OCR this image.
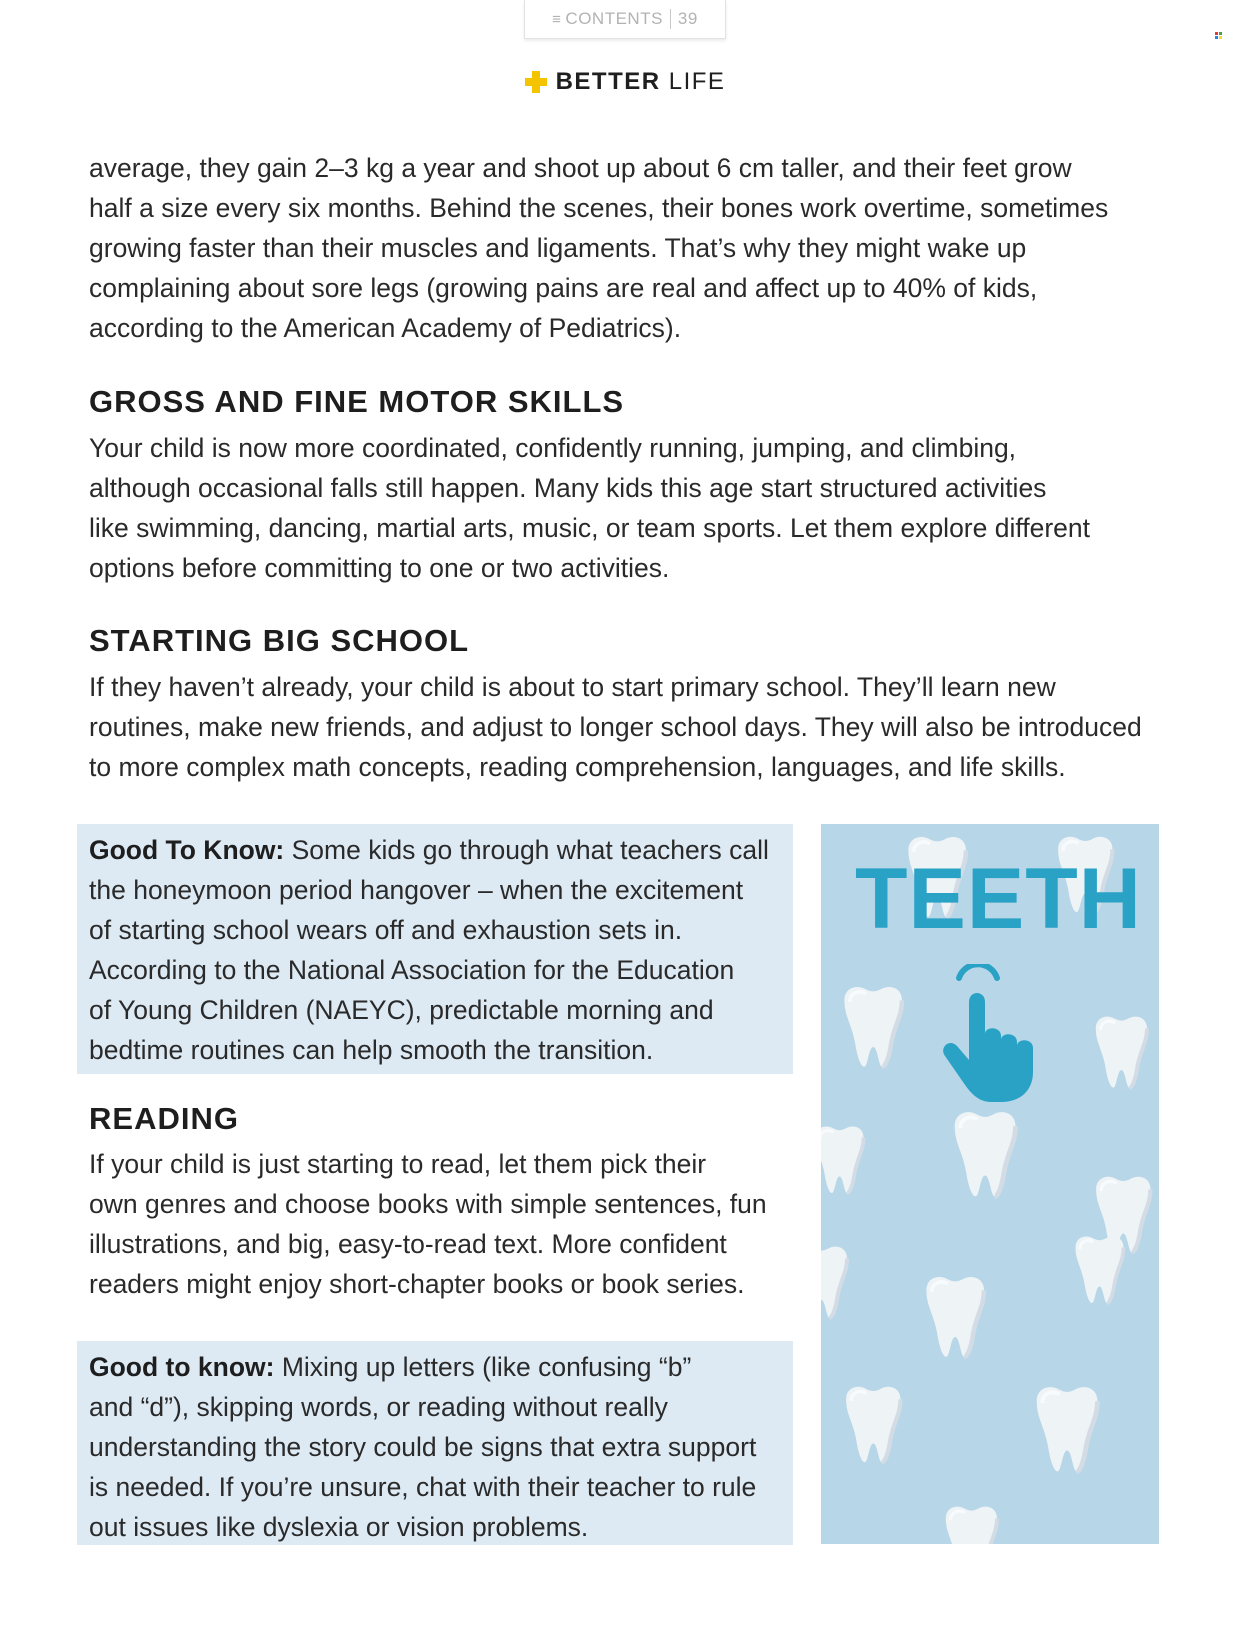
≡ CONTENTS 39
BETTER LIFE
average, they gain 2–3 kg a year and shoot up about 6 cm taller, and their feet grow
half a size every six months. Behind the scenes, their bones work overtime, sometimes
growing faster than their muscles and ligaments. That’s why they might wake up
complaining about sore legs (growing pains are real and affect up to 40% of kids,
according to the American Academy of Pediatrics).
GROSS AND FINE MOTOR SKILLS
Your child is now more coordinated, confidently running, jumping, and climbing,
although occasional falls still happen. Many kids this age start structured activities
like swimming, dancing, martial arts, music, or team sports. Let them explore different
options before committing to one or two activities.
STARTING BIG SCHOOL
If they haven’t already, your child is about to start primary school. They’ll learn new
routines, make new friends, and adjust to longer school days. They will also be introduced
to more complex math concepts, reading comprehension, languages, and life skills.
Good To Know: Some kids go through what teachers call
the honeymoon period hangover – when the excitement
of starting school wears off and exhaustion sets in.
According to the National Association for the Education
of Young Children (NAEYC), predictable morning and
bedtime routines can help smooth the transition.
READING
If your child is just starting to read, let them pick their
own genres and choose books with simple sentences, fun
illustrations, and big, easy-to-read text. More confident
readers might enjoy short-chapter books or book series.
Good to know: Mixing up letters (like confusing “b”
and “d”), skipping words, or reading without really
understanding the story could be signs that extra support
is needed. If you’re unsure, chat with their teacher to rule
out issues like dyslexia or vision problems.
TEETH
